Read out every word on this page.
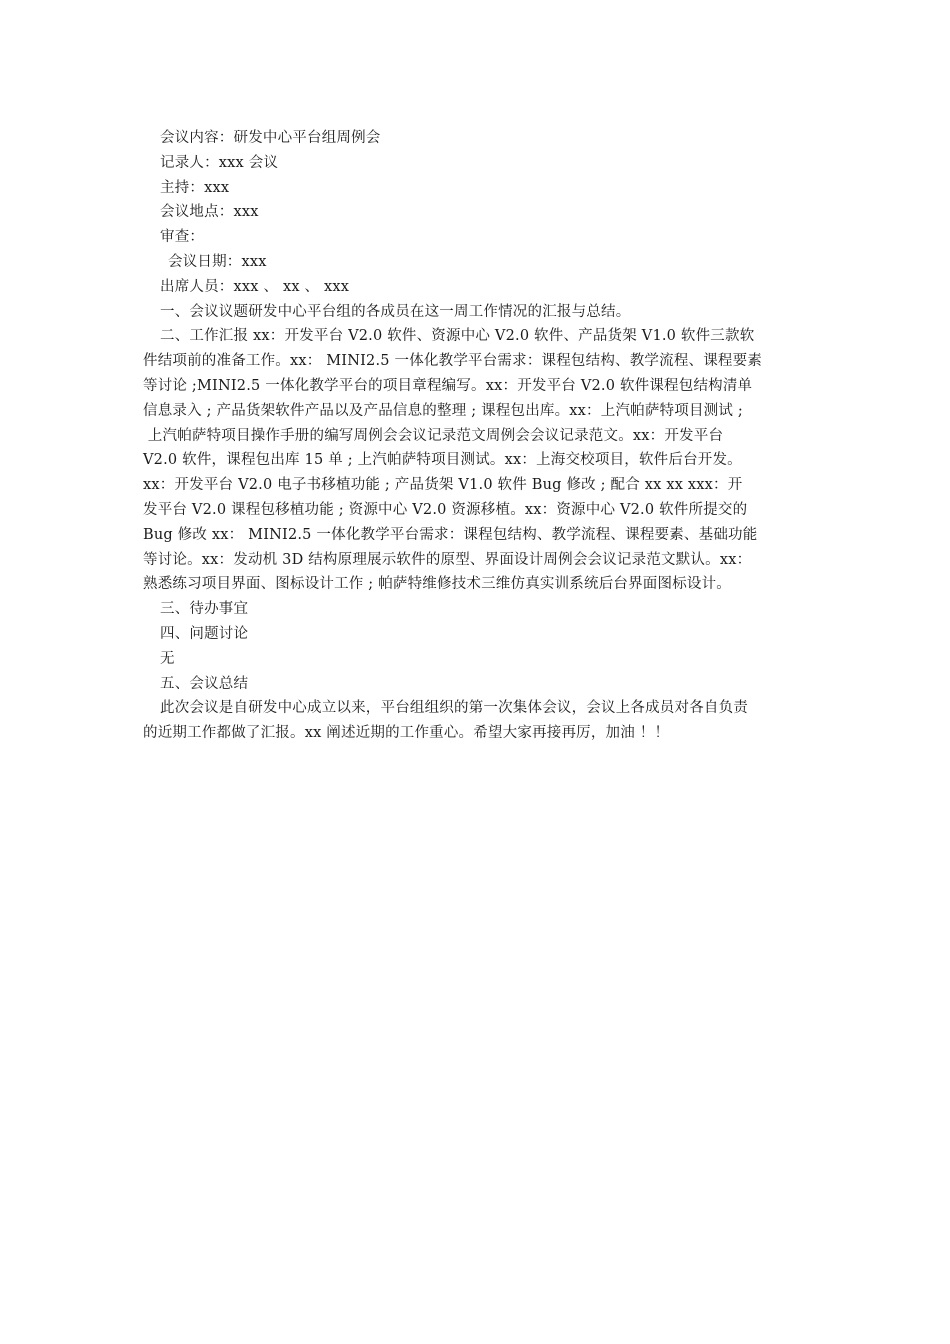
会议内容：研发中心平台组周例会

记录人：xxx 会议

主持：xxx

会议地点：xxx

审查：

会议日期：xxx

出席人员：xxx 、 xx 、 xxx

一、会议议题研发中心平台组的各成员在这一周工作情况的汇报与总结。

二、工作汇报 xx：开发平台 V2.0 软件、资源中心 V2.0 软件、产品货架 V1.0 软件三款软

件结项前的准备工作。xx： MINI2.5 一体化教学平台需求：课程包结构、教学流程、课程要素

等讨论 ;MINI2.5 一体化教学平台的项目章程编写。xx：开发平台 V2.0 软件课程包结构清单

信息录入 ; 产品货架软件产品以及产品信息的整理 ; 课程包出库。xx：上汽帕萨特项目测试 ;

上汽帕萨特项目操作手册的编写周例会会议记录范文周例会会议记录范文。xx：开发平台

V2.0 软件，课程包出库 15 单 ; 上汽帕萨特项目测试。xx：上海交校项目，软件后台开发。

xx：开发平台 V2.0 电子书移植功能 ; 产品货架 V1.0 软件 Bug 修改 ; 配合 xx xx xxx：开

发平台 V2.0 课程包移植功能 ; 资源中心 V2.0 资源移植。xx：资源中心 V2.0 软件所提交的

Bug 修改 xx： MINI2.5 一体化教学平台需求：课程包结构、教学流程、课程要素、基础功能

等讨论。xx：发动机 3D 结构原理展示软件的原型、界面设计周例会会议记录范文默认。xx：

熟悉练习项目界面、图标设计工作 ; 帕萨特维修技术三维仿真实训系统后台界面图标设计。

三、待办事宜

四、问题讨论

无

五、会议总结

此次会议是自研发中心成立以来，平台组组织的第一次集体会议，会议上各成员对各自负责

的近期工作都做了汇报。xx 阐述近期的工作重心。希望大家再接再厉，加油 ！！
